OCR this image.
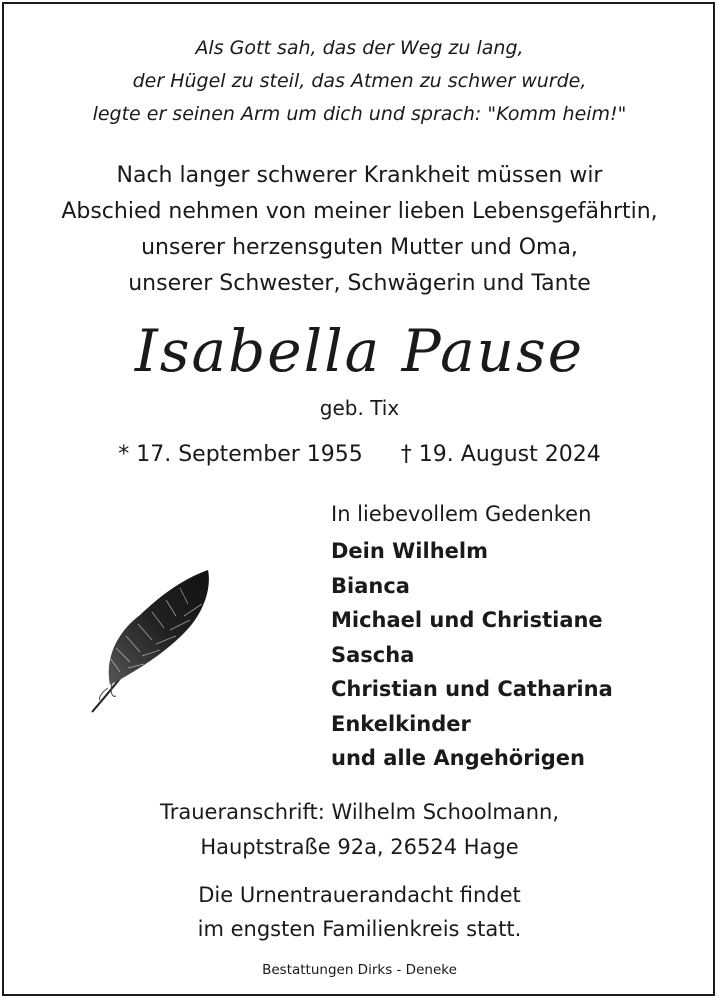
Als Gott sah, das der Weg zu lang,
der Hügel zu steil, das Atmen zu schwer wurde,
legte er seinen Arm um dich und sprach: "Komm heim!"
Nach langer schwerer Krankheit müssen wir
Abschied nehmen von meiner lieben Lebensgefährtin,
unserer herzensguten Mutter und Oma,
unserer Schwester, Schwägerin und Tante
Isabella Pause
geb. Tix
* 17. September 1955 † 19. August 2024
In liebevollem Gedenken
Dein Wilhelm
Bianca
Michael und Christiane
Sascha
Christian und Catharina
Enkelkinder
und alle Angehörigen
Traueranschrift: Wilhelm Schoolmann,
Hauptstraße 92a, 26524 Hage
Die Urnentrauerandacht findet
im engsten Familienkreis statt.
Bestattungen Dirks - Deneke
